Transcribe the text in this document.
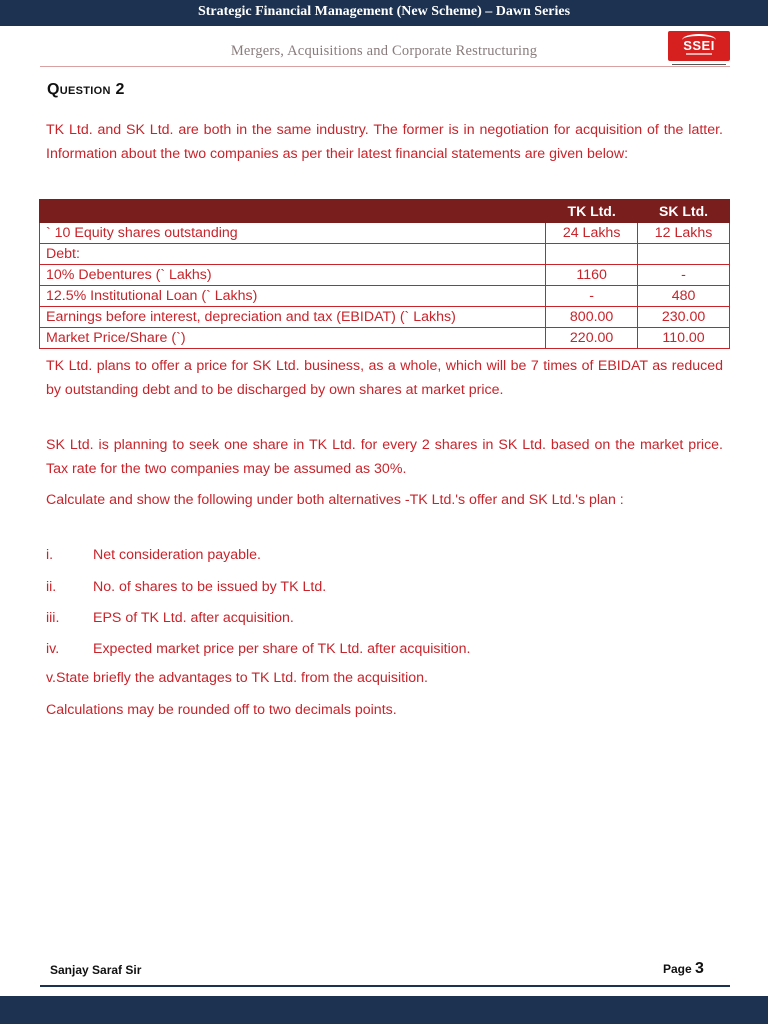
Strategic Financial Management (New Scheme) – Dawn Series
Mergers, Acquisitions and Corporate Restructuring	SSEI
Question 2
TK Ltd. and SK Ltd. are both in the same industry. The former is in negotiation for acquisition of the latter. Information about the two companies as per their latest financial statements are given below:
	TK Ltd.	SK Ltd.
` 10 Equity shares outstanding	24 Lakhs	12 Lakhs
Debt:		
10% Debentures (` Lakhs)	1160	-
12.5% Institutional Loan (` Lakhs)	-	480
Earnings before interest, depreciation and tax (EBIDAT) (` Lakhs)	800.00	230.00
Market Price/Share (`)	220.00	110.00
TK Ltd. plans to offer a price for SK Ltd. business, as a whole, which will be 7 times of EBIDAT as reduced by outstanding debt and to be discharged by own shares at market price.
SK Ltd. is planning to seek one share in TK Ltd. for every 2 shares in SK Ltd. based on the market price. Tax rate for the two companies may be assumed as 30%.
Calculate and show the following under both alternatives -TK Ltd.'s offer and SK Ltd.'s plan :
i.	Net consideration payable.
ii.	No. of shares to be issued by TK Ltd.
iii. EPS of TK Ltd. after acquisition.
iv. Expected market price per share of TK Ltd. after acquisition.
v.State briefly the advantages to TK Ltd. from the acquisition.
Calculations may be rounded off to two decimals points.
Sanjay Saraf Sir	Page 3
